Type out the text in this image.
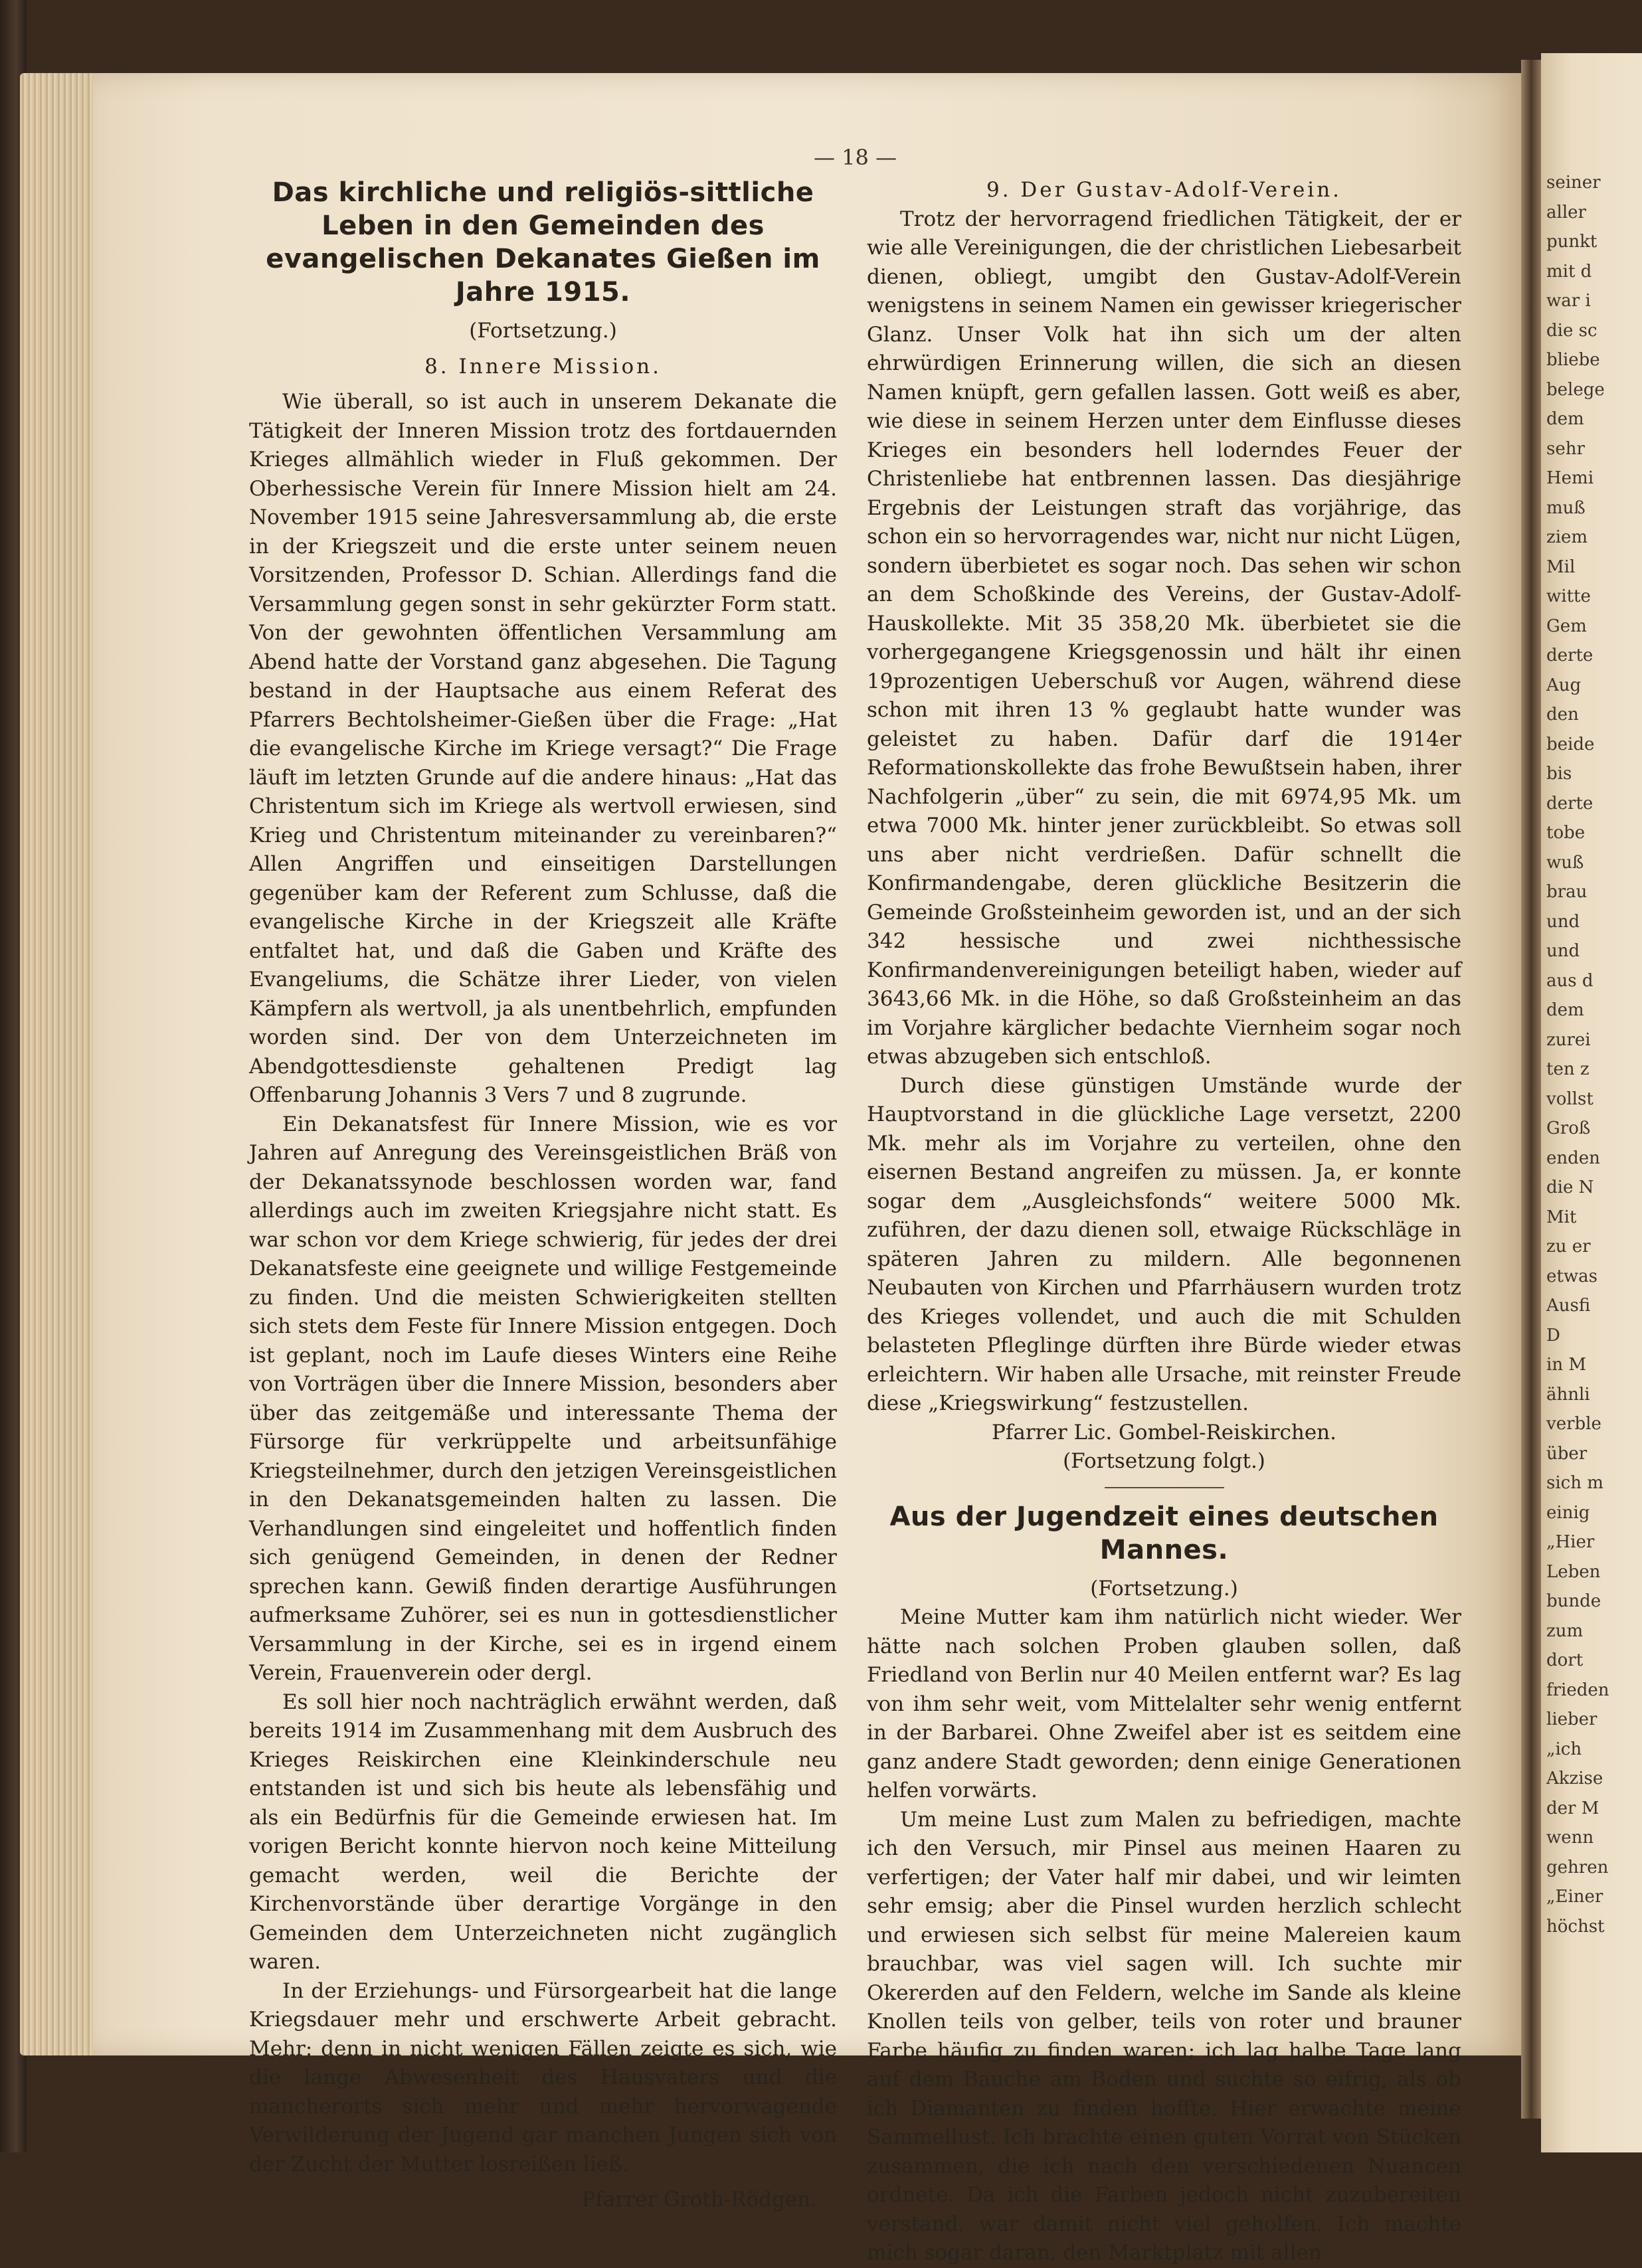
seiner
aller
punkt
mit d
war i
die sc
bliebe
belege
dem
sehr
Hemi
muß
ziem
Mil
witte
Gem
derte
Aug
den
beide
bis
derte
tobe
wuß
brau
und
und
aus d
dem
zurei
ten z
vollst
Groß
enden
die N
Mit
zu er
etwas
Ausfi
D
in M
ähnli
verble
über
sich m
einig
„Hier
Leben
bunde
zum
dort
frieden
lieber
„ich
Akzise
der M
wenn
gehren
„Einer
höchst
— 18 —
Das kirchliche und religiös-sittliche Leben in den Gemeinden des evangelischen Dekanates Gießen im Jahre 1915.

(Fortsetzung.)

8. Innere Mission.

Wie überall, so ist auch in unserem Dekanate die Tätigkeit der Inneren Mission trotz des fortdauernden Krieges allmählich wieder in Fluß gekommen. Der Oberhessische Verein für Innere Mission hielt am 24. November 1915 seine Jahresversammlung ab, die erste in der Kriegszeit und die erste unter seinem neuen Vorsitzenden, Professor D. Schian. Allerdings fand die Versammlung gegen sonst in sehr gekürzter Form statt. Von der gewohnten öffentlichen Versammlung am Abend hatte der Vorstand ganz abgesehen. Die Tagung bestand in der Hauptsache aus einem Referat des Pfarrers Bechtolsheimer-Gießen über die Frage: „Hat die evangelische Kirche im Kriege versagt?“ Die Frage läuft im letzten Grunde auf die andere hinaus: „Hat das Christentum sich im Kriege als wertvoll erwiesen, sind Krieg und Christentum miteinander zu vereinbaren?“ Allen Angriffen und einseitigen Darstellungen gegenüber kam der Referent zum Schlusse, daß die evangelische Kirche in der Kriegszeit alle Kräfte entfaltet hat, und daß die Gaben und Kräfte des Evangeliums, die Schätze ihrer Lieder, von vielen Kämpfern als wertvoll, ja als unentbehrlich, empfunden worden sind. Der von dem Unterzeichneten im Abendgottesdienste gehaltenen Predigt lag Offenbarung Johannis 3 Vers 7 und 8 zugrunde.

Ein Dekanatsfest für Innere Mission, wie es vor Jahren auf Anregung des Vereinsgeistlichen Bräß von der Dekanatssynode beschlossen worden war, fand allerdings auch im zweiten Kriegsjahre nicht statt. Es war schon vor dem Kriege schwierig, für jedes der drei Dekanatsfeste eine geeignete und willige Festgemeinde zu finden. Und die meisten Schwierigkeiten stellten sich stets dem Feste für Innere Mission entgegen. Doch ist geplant, noch im Laufe dieses Winters eine Reihe von Vorträgen über die Innere Mission, besonders aber über das zeitgemäße und interessante Thema der Fürsorge für verkrüppelte und arbeitsunfähige Kriegsteilnehmer, durch den jetzigen Vereinsgeistlichen in den Dekanatsgemeinden halten zu lassen. Die Verhandlungen sind eingeleitet und hoffentlich finden sich genügend Gemeinden, in denen der Redner sprechen kann. Gewiß finden derartige Ausführungen aufmerksame Zuhörer, sei es nun in gottesdienstlicher Versammlung in der Kirche, sei es in irgend einem Verein, Frauenverein oder dergl.

Es soll hier noch nachträglich erwähnt werden, daß bereits 1914 im Zusammenhang mit dem Ausbruch des Krieges Reiskirchen eine Kleinkinderschule neu entstanden ist und sich bis heute als lebensfähig und als ein Bedürfnis für die Gemeinde erwiesen hat. Im vorigen Bericht konnte hiervon noch keine Mitteilung gemacht werden, weil die Berichte der Kirchenvorstände über derartige Vorgänge in den Gemeinden dem Unterzeichneten nicht zugänglich waren.

In der Erziehungs- und Fürsorgearbeit hat die lange Kriegsdauer mehr und erschwerte Arbeit gebracht. Mehr: denn in nicht wenigen Fällen zeigte es sich, wie die lange Abwesenheit des Hausvaters und die mancherorts sich mehr und mehr hervorwagende Verwilderung der Jugend gar manchen Jungen sich von der Zucht der Mutter losreißen ließ.

Pfarrer Groth-Rödgen.

9. Der Gustav-Adolf-Verein.

Trotz der hervorragend friedlichen Tätigkeit, der er wie alle Vereinigungen, die der christlichen Liebesarbeit dienen, obliegt, umgibt den Gustav-Adolf-Verein wenigstens in seinem Namen ein gewisser kriegerischer Glanz. Unser Volk hat ihn sich um der alten ehrwürdigen Erinnerung willen, die sich an diesen Namen knüpft, gern gefallen lassen. Gott weiß es aber, wie diese in seinem Herzen unter dem Einflusse dieses Krieges ein besonders hell loderndes Feuer der Christenliebe hat entbrennen lassen. Das diesjährige Ergebnis der Leistungen straft das vorjährige, das schon ein so hervorragendes war, nicht nur nicht Lügen, sondern überbietet es sogar noch. Das sehen wir schon an dem Schoßkinde des Vereins, der Gustav-Adolf-Hauskollekte. Mit 35 358,20 Mk. überbietet sie die vorhergegangene Kriegsgenossin und hält ihr einen 19prozentigen Ueberschuß vor Augen, während diese schon mit ihren 13 % geglaubt hatte wunder was geleistet zu haben. Dafür darf die 1914er Reformationskollekte das frohe Bewußtsein haben, ihrer Nachfolgerin „über“ zu sein, die mit 6974,95 Mk. um etwa 7000 Mk. hinter jener zurückbleibt. So etwas soll uns aber nicht verdrießen. Dafür schnellt die Konfirmandengabe, deren glückliche Besitzerin die Gemeinde Großsteinheim geworden ist, und an der sich 342 hessische und zwei nichthessische Konfirmandenvereinigungen beteiligt haben, wieder auf 3643,66 Mk. in die Höhe, so daß Großsteinheim an das im Vorjahre kärglicher bedachte Viernheim sogar noch etwas abzugeben sich entschloß.

Durch diese günstigen Umstände wurde der Hauptvorstand in die glückliche Lage versetzt, 2200 Mk. mehr als im Vorjahre zu verteilen, ohne den eisernen Bestand angreifen zu müssen. Ja, er konnte sogar dem „Ausgleichsfonds“ weitere 5000 Mk. zuführen, der dazu dienen soll, etwaige Rückschläge in späteren Jahren zu mildern. Alle begonnenen Neubauten von Kirchen und Pfarrhäusern wurden trotz des Krieges vollendet, und auch die mit Schulden belasteten Pfleglinge dürften ihre Bürde wieder etwas erleichtern. Wir haben alle Ursache, mit reinster Freude diese „Kriegswirkung“ festzustellen.

Pfarrer Lic. Gombel-Reiskirchen.

(Fortsetzung folgt.)

Aus der Jugendzeit eines deutschen Mannes.

(Fortsetzung.)

Meine Mutter kam ihm natürlich nicht wieder. Wer hätte nach solchen Proben glauben sollen, daß Friedland von Berlin nur 40 Meilen entfernt war? Es lag von ihm sehr weit, vom Mittelalter sehr wenig entfernt in der Barbarei. Ohne Zweifel aber ist es seitdem eine ganz andere Stadt geworden; denn einige Generationen helfen vorwärts.

Um meine Lust zum Malen zu befriedigen, machte ich den Versuch, mir Pinsel aus meinen Haaren zu verfertigen; der Vater half mir dabei, und wir leimten sehr emsig; aber die Pinsel wurden herzlich schlecht und erwiesen sich selbst für meine Malereien kaum brauchbar, was viel sagen will. Ich suchte mir Okererden auf den Feldern, welche im Sande als kleine Knollen teils von gelber, teils von roter und brauner Farbe häufig zu finden waren; ich lag halbe Tage lang auf dem Bauche am Boden und suchte so eifrig, als ob ich Diamanten zu finden hoffte. Hier erwachte meine Sammellust. Ich brachte einen guten Vorrat von Stücken zusammen, die ich nach den verschiedenen Nuancen ordnete. Da ich die Farben jedoch nicht zuzubereiten verstand, war damit nicht viel geholfen. Ich machte mich sogar daran, den Marktplatz mit allen
